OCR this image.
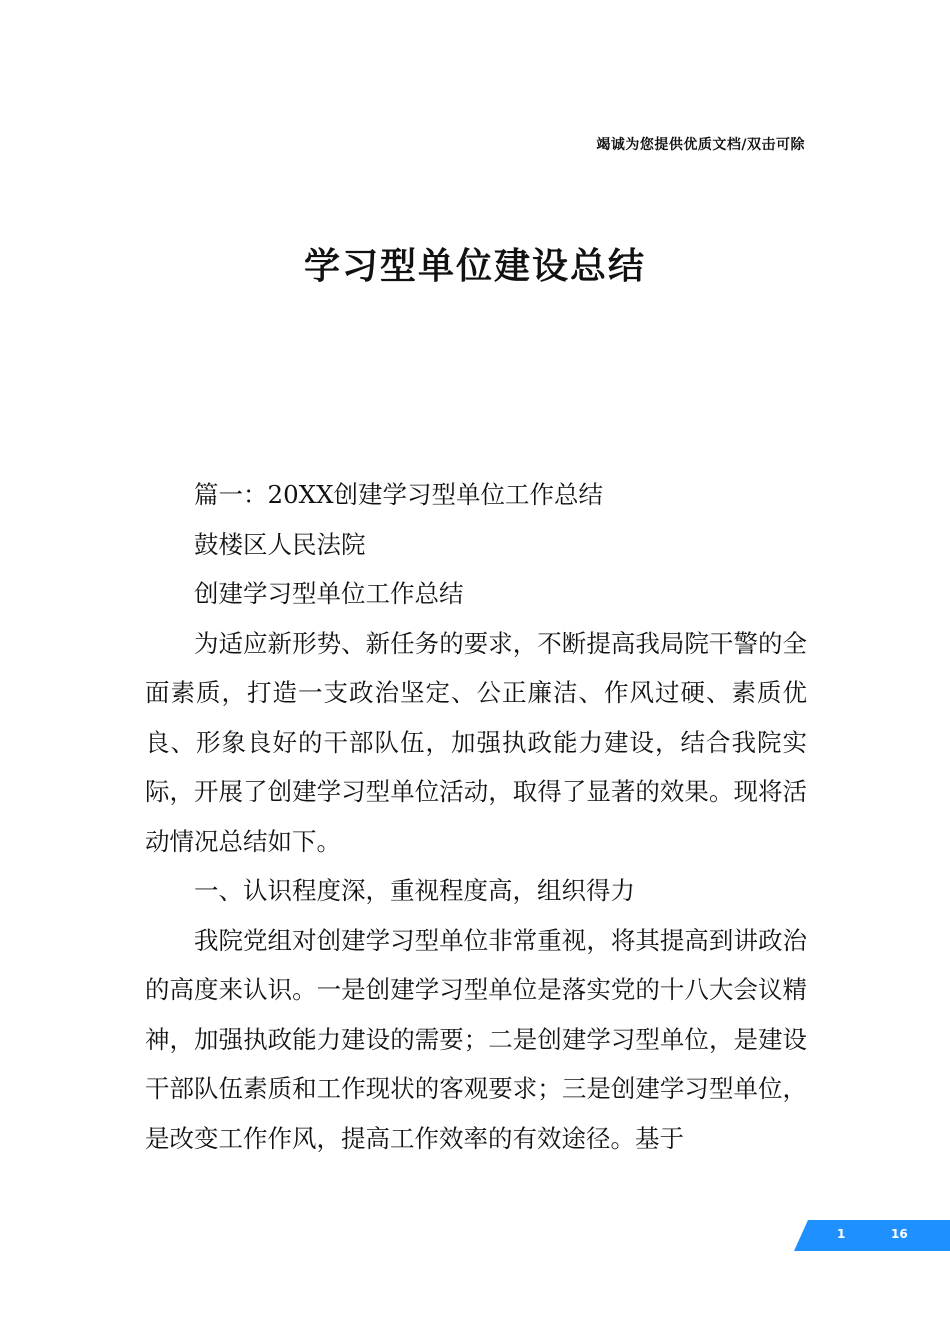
竭诚为您提供优质文档/双击可除
学习型单位建设总结

篇一：20XX创建学习型单位工作总结

鼓楼区人民法院

创建学习型单位工作总结

为适应新形势、新任务的要求，不断提高我局院干警的全面素质，打造一支政治坚定、公正廉洁、作风过硬、素质优良、形象良好的干部队伍，加强执政能力建设，结合我院实际，开展了创建学习型单位活动，取得了显著的效果。现将活动情况总结如下。

一、认识程度深，重视程度高，组织得力

我院党组对创建学习型单位非常重视，将其提高到讲政治的高度来认识。一是创建学习型单位是落实党的十八大会议精神，加强执政能力建设的需要；二是创建学习型单位，是建设干部队伍素质和工作现状的客观要求；三是创建学习型单位，是改变工作作风，提高工作效率的有效途径。基于

1	16
